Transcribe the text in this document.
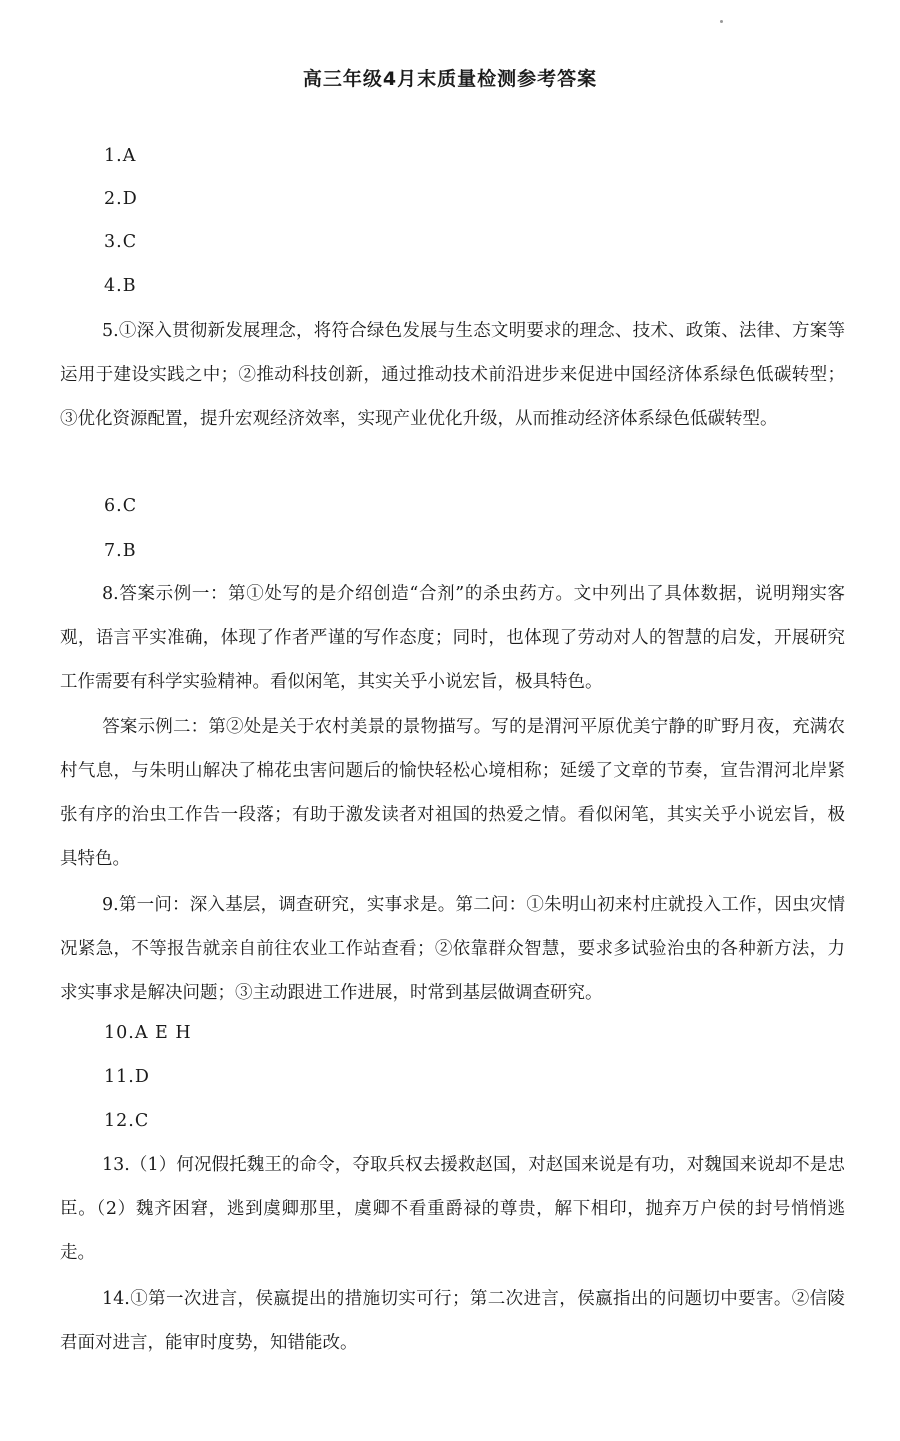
高三年级4月末质量检测参考答案
1.A
2.D
3.C
4.B
5.①深入贯彻新发展理念，将符合绿色发展与生态文明要求的理念、技术、政策、法律、方案等运用于建设实践之中；②推动科技创新，通过推动技术前沿进步来促进中国经济体系绿色低碳转型；③优化资源配置，提升宏观经济效率，实现产业优化升级，从而推动经济体系绿色低碳转型。
6.C
7.B
8.答案示例一：第①处写的是介绍创造“合剂”的杀虫药方。文中列出了具体数据，说明翔实客观，语言平实准确，体现了作者严谨的写作态度；同时，也体现了劳动对人的智慧的启发，开展研究工作需要有科学实验精神。看似闲笔，其实关乎小说宏旨，极具特色。
答案示例二：第②处是关于农村美景的景物描写。写的是渭河平原优美宁静的旷野月夜，充满农村气息，与朱明山解决了棉花虫害问题后的愉快轻松心境相称；延缓了文章的节奏，宣告渭河北岸紧张有序的治虫工作告一段落；有助于激发读者对祖国的热爱之情。看似闲笔，其实关乎小说宏旨，极具特色。
9.第一问：深入基层，调查研究，实事求是。第二问：①朱明山初来村庄就投入工作，因虫灾情况紧急，不等报告就亲自前往农业工作站查看；②依靠群众智慧，要求多试验治虫的各种新方法，力求实事求是解决问题；③主动跟进工作进展，时常到基层做调查研究。
10.A E H
11.D
12.C
13.（1）何况假托魏王的命令，夺取兵权去援救赵国，对赵国来说是有功，对魏国来说却不是忠臣。（2）魏齐困窘，逃到虞卿那里，虞卿不看重爵禄的尊贵，解下相印，抛弃万户侯的封号悄悄逃走。
14.①第一次进言，侯嬴提出的措施切实可行；第二次进言，侯嬴指出的问题切中要害。②信陵君面对进言，能审时度势，知错能改。
